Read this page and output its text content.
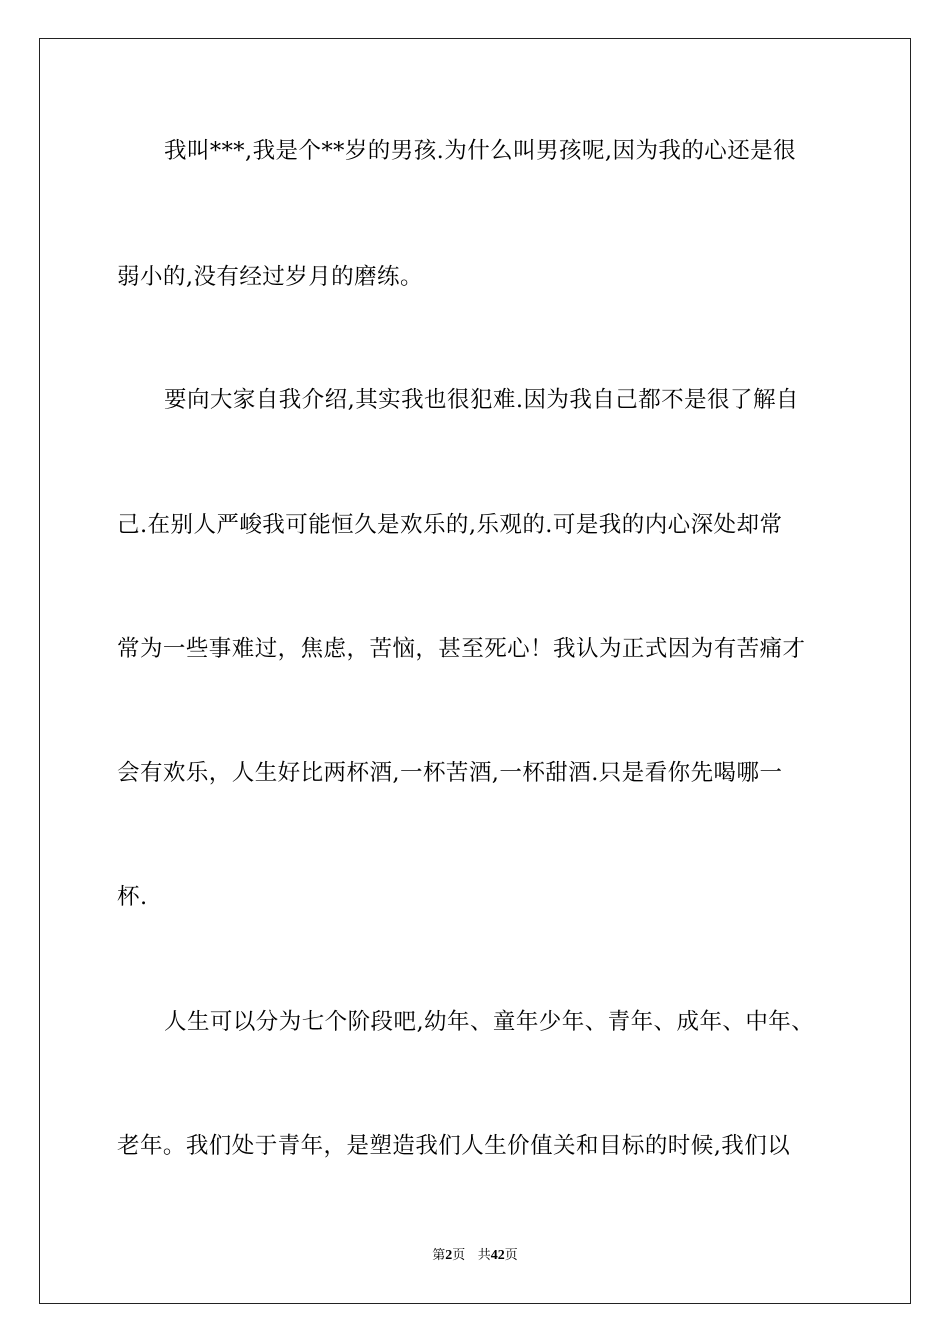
我叫***,我是个**岁的男孩.为什么叫男孩呢,因为我的心还是很
弱小的,没有经过岁月的磨练。
要向大家自我介绍,其实我也很犯难.因为我自己都不是很了解自
己.在别人严峻我可能恒久是欢乐的,乐观的.可是我的内心深处却常
常为一些事难过，焦虑，苦恼，甚至死心！我认为正式因为有苦痛才
会有欢乐，人生好比两杯酒,一杯苦酒,一杯甜酒.只是看你先喝哪一
杯.
人生可以分为七个阶段吧,幼年、童年少年、青年、成年、中年、
老年。我们处于青年，是塑造我们人生价值关和目标的时候,我们以
第2页 共42页
